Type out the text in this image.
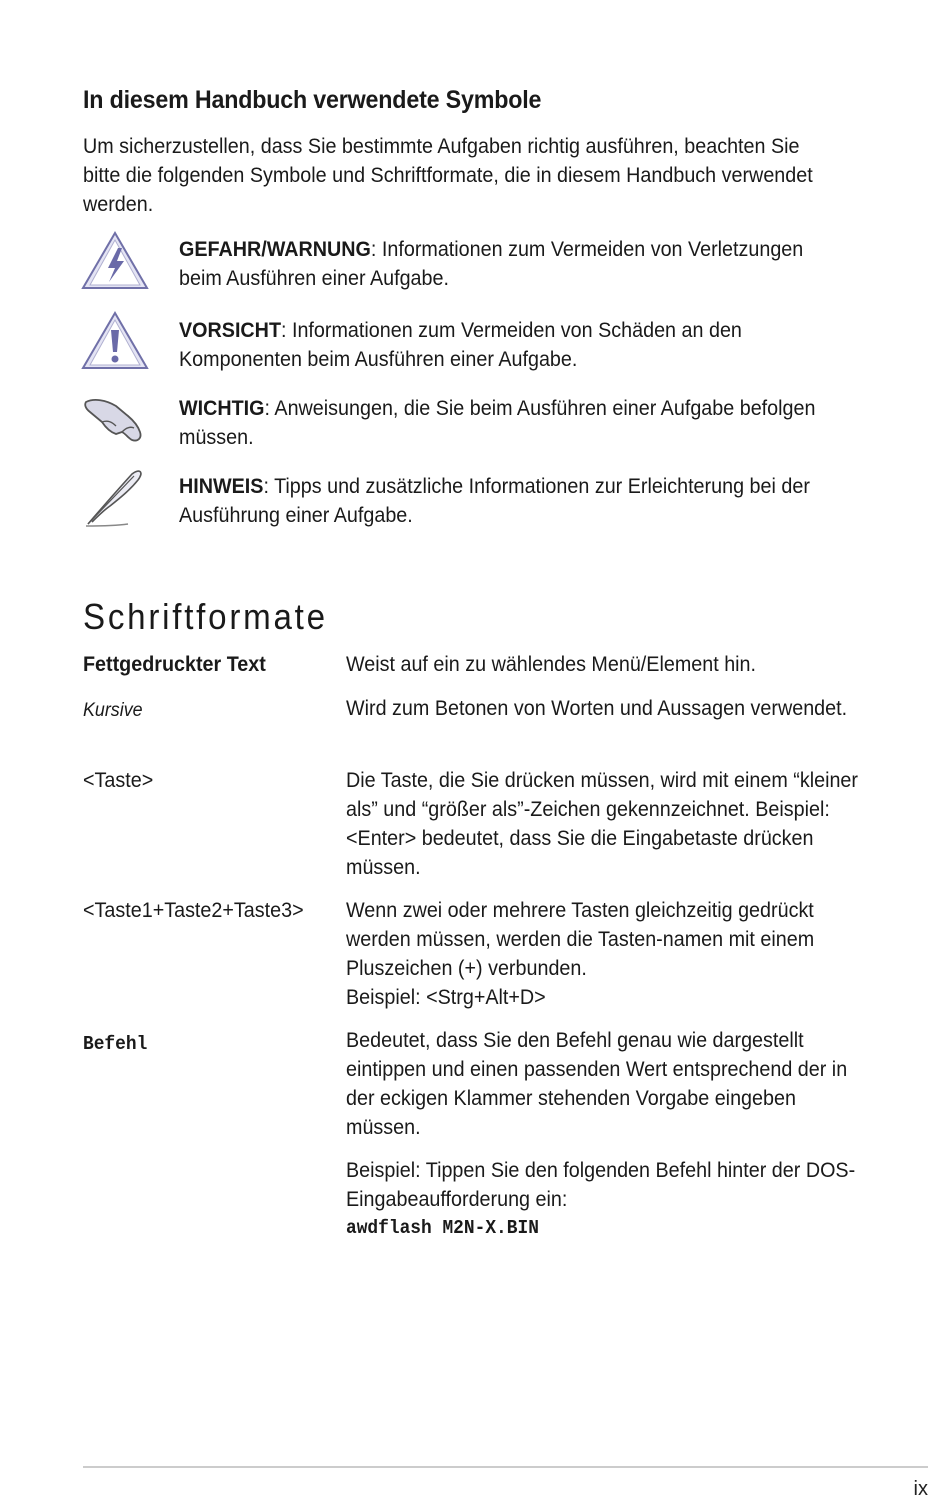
In diesem Handbuch verwendete Symbole
Um sicherzustellen, dass Sie bestimmte Aufgaben richtig ausführen, beachten Sie bitte die folgenden Symbole und Schriftformate, die in diesem Handbuch verwendet werden.
GEFAHR/WARNUNG: Informationen zum Vermeiden von Verletzungen beim Ausführen einer Aufgabe.
VORSICHT: Informationen zum Vermeiden von Schäden an den Komponenten beim Ausführen einer Aufgabe.
WICHTIG: Anweisungen, die Sie beim Ausführen einer Aufgabe befolgen müssen.
HINWEIS: Tipps und zusätzliche Informationen zur Erleichterung bei der Ausführung einer Aufgabe.
Schriftformate
Fettgedruckter Text	Weist auf ein zu wählendes Menü/Element hin.
Kursive	Wird zum Betonen von Worten und Aussagen verwendet.
<Taste>	Die Taste, die Sie drücken müssen, wird mit einem “kleiner als” und “größer als”-Zeichen gekennzeichnet. Beispiel: <Enter> bedeutet, dass Sie die Eingabetaste drücken müssen.
<Taste1+Taste2+Taste3> Wenn zwei oder mehrere Tasten gleichzeitig gedrückt werden müssen, werden die Tasten-namen mit einem Pluszeichen (+) verbunden.
Beispiel: <Strg+Alt+D>
Befehl	Bedeutet, dass Sie den Befehl genau wie dargestellt eintippen und einen passenden Wert entsprechend der in der eckigen Klammer stehenden Vorgabe eingeben müssen.
Beispiel: Tippen Sie den folgenden Befehl hinter der DOS-Eingabeaufforderung ein:
awdflash M2N-X.BIN
ix
